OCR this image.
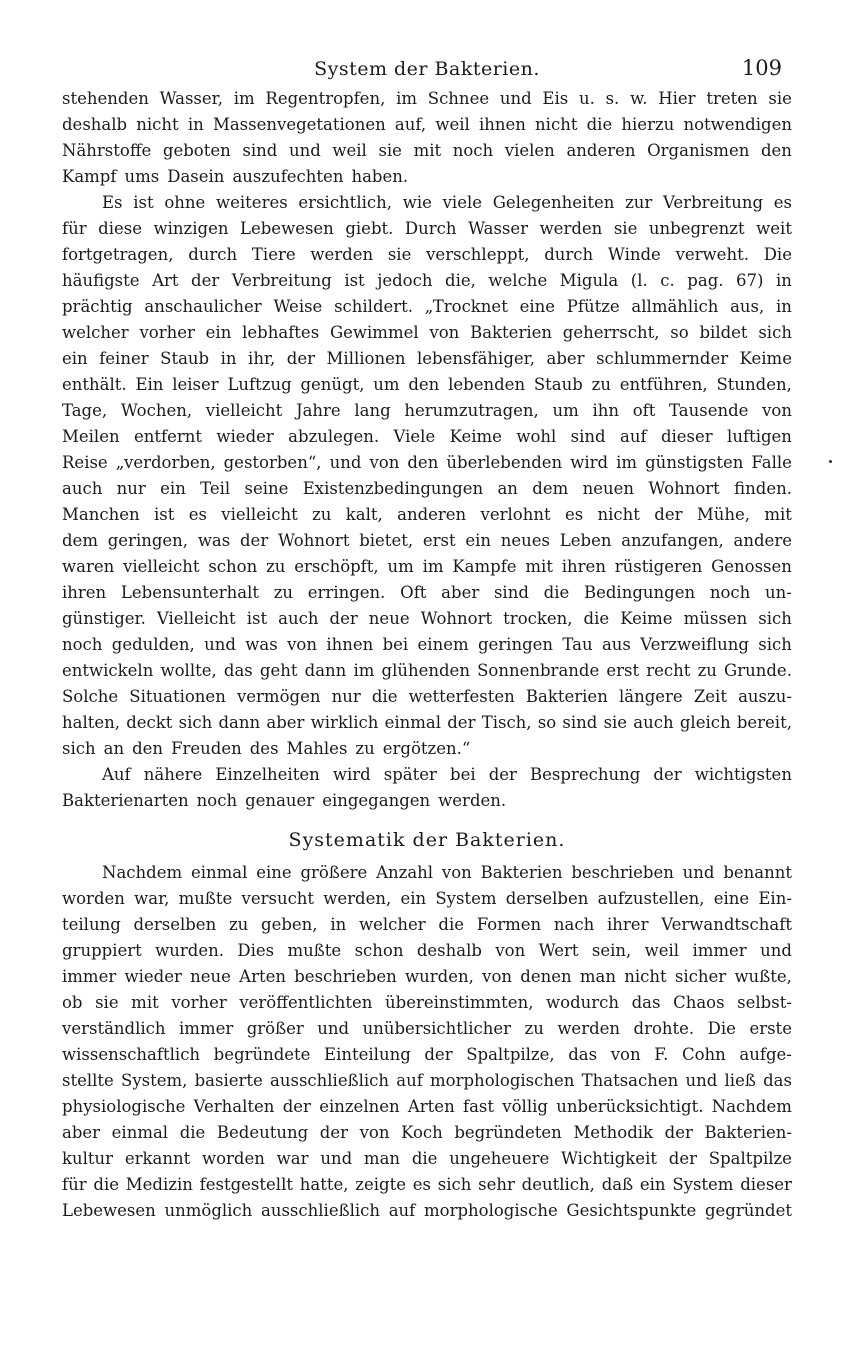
System der Bakterien.	109
stehenden Wasser, im Regentropfen, im Schnee und Eis u. s. w. Hier treten sie
deshalb nicht in Massenvegetationen auf, weil ihnen nicht die hierzu notwendigen
Nährstoffe geboten sind und weil sie mit noch vielen anderen Organismen den
Kampf ums Dasein auszufechten haben.
Es ist ohne weiteres ersichtlich, wie viele Gelegenheiten zur Verbreitung es
für diese winzigen Lebewesen giebt. Durch Wasser werden sie unbegrenzt weit
fortgetragen, durch Tiere werden sie verschleppt, durch Winde verweht. Die
häufigste Art der Verbreitung ist jedoch die, welche Migula (l. c. pag. 67) in
prächtig anschaulicher Weise schildert. „Trocknet eine Pfütze allmählich aus, in
welcher vorher ein lebhaftes Gewimmel von Bakterien geherrscht, so bildet sich
ein feiner Staub in ihr, der Millionen lebensfähiger, aber schlummernder Keime
enthält. Ein leiser Luftzug genügt, um den lebenden Staub zu entführen, Stunden,
Tage, Wochen, vielleicht Jahre lang herumzutragen, um ihn oft Tausende von
Meilen entfernt wieder abzulegen. Viele Keime wohl sind auf dieser luftigen
Reise „verdorben, gestorben“, und von den überlebenden wird im günstigsten Falle
auch nur ein Teil seine Existenzbedingungen an dem neuen Wohnort finden.
Manchen ist es vielleicht zu kalt, anderen verlohnt es nicht der Mühe, mit
dem geringen, was der Wohnort bietet, erst ein neues Leben anzufangen, andere
waren vielleicht schon zu erschöpft, um im Kampfe mit ihren rüstigeren Genossen
ihren Lebensunterhalt zu erringen. Oft aber sind die Bedingungen noch un-
günstiger. Vielleicht ist auch der neue Wohnort trocken, die Keime müssen sich
noch gedulden, und was von ihnen bei einem geringen Tau aus Verzweiflung sich
entwickeln wollte, das geht dann im glühenden Sonnenbrande erst recht zu Grunde.
Solche Situationen vermögen nur die wetterfesten Bakterien längere Zeit auszu-
halten, deckt sich dann aber wirklich einmal der Tisch, so sind sie auch gleich bereit,
sich an den Freuden des Mahles zu ergötzen.“
Auf nähere Einzelheiten wird später bei der Besprechung der wichtigsten
Bakterienarten noch genauer eingegangen werden.
Systematik der Bakterien.
Nachdem einmal eine größere Anzahl von Bakterien beschrieben und benannt
worden war, mußte versucht werden, ein System derselben aufzustellen, eine Ein-
teilung derselben zu geben, in welcher die Formen nach ihrer Verwandtschaft
gruppiert wurden. Dies mußte schon deshalb von Wert sein, weil immer und
immer wieder neue Arten beschrieben wurden, von denen man nicht sicher wußte,
ob sie mit vorher veröffentlichten übereinstimmten, wodurch das Chaos selbst-
verständlich immer größer und unübersichtlicher zu werden drohte. Die erste
wissenschaftlich begründete Einteilung der Spaltpilze, das von F. Cohn aufge-
stellte System, basierte ausschließlich auf morphologischen Thatsachen und ließ das
physiologische Verhalten der einzelnen Arten fast völlig unberücksichtigt. Nachdem
aber einmal die Bedeutung der von Koch begründeten Methodik der Bakterien-
kultur erkannt worden war und man die ungeheuere Wichtigkeit der Spaltpilze
für die Medizin festgestellt hatte, zeigte es sich sehr deutlich, daß ein System dieser
Lebewesen unmöglich ausschließlich auf morphologische Gesichtspunkte gegründet
